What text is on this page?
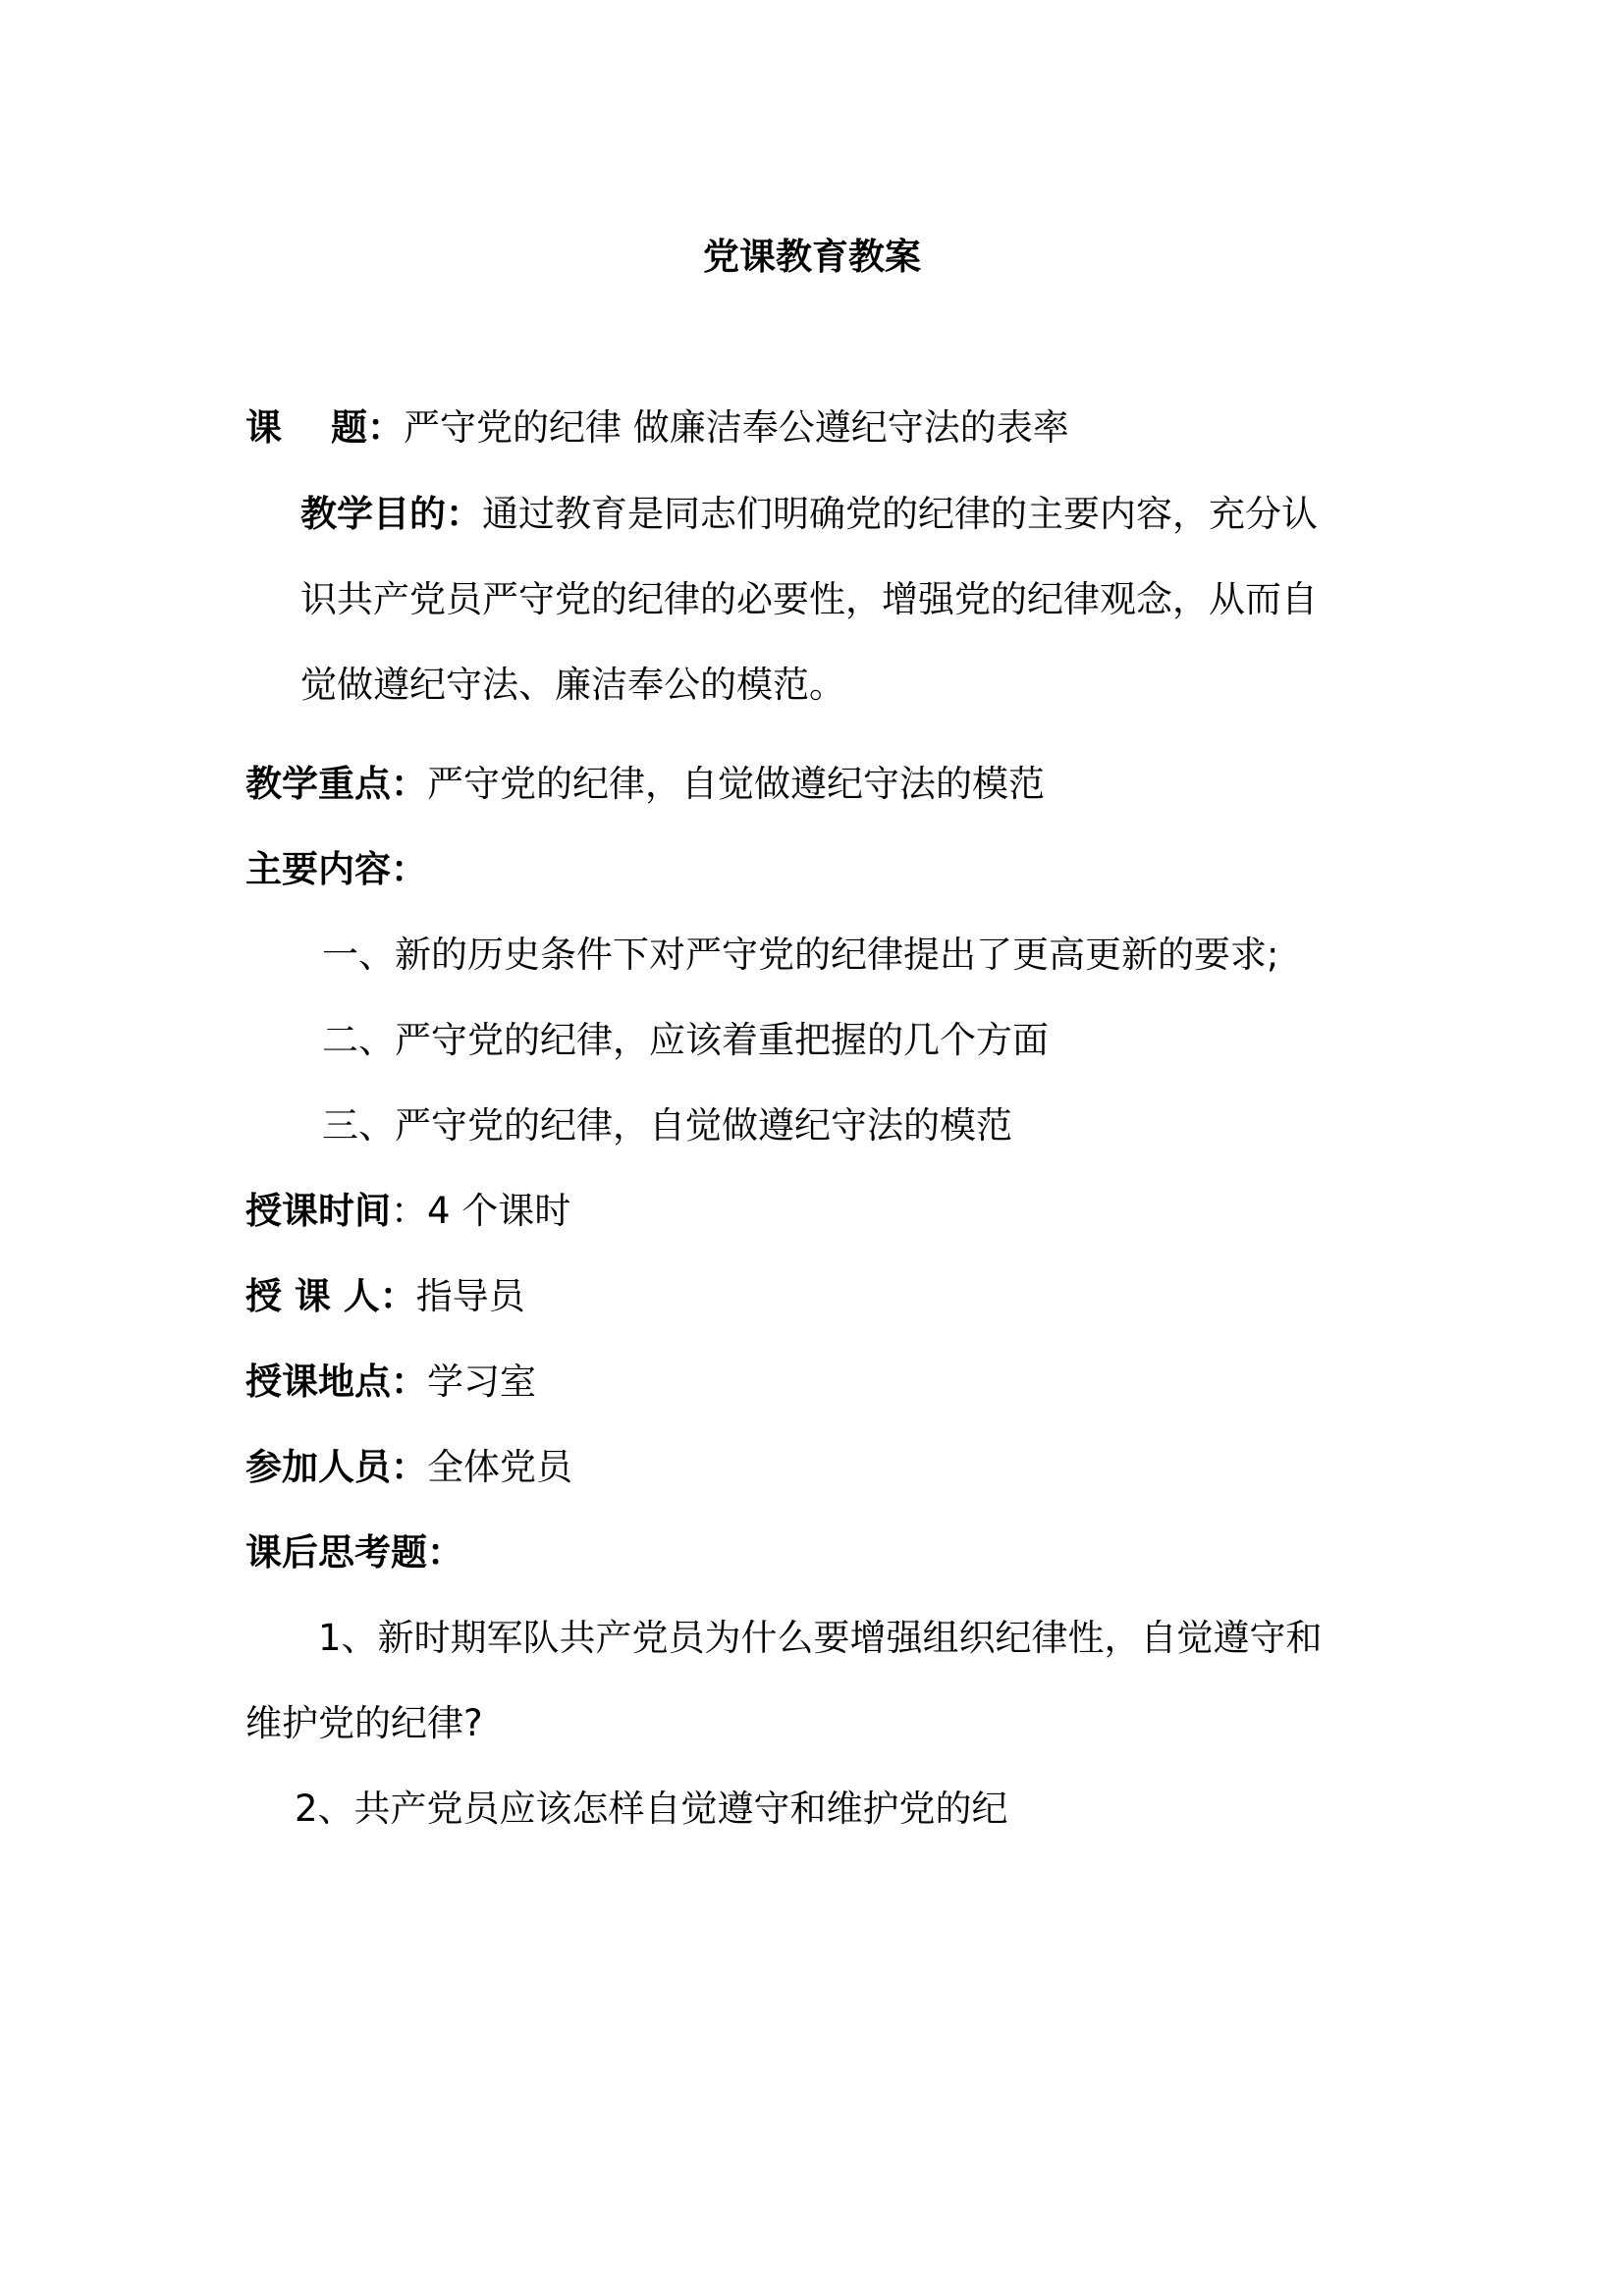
党课教育教案
课 题：严守党的纪律 做廉洁奉公遵纪守法的表率
教学目的：通过教育是同志们明确党的纪律的主要内容，充分认
识共产党员严守党的纪律的必要性，增强党的纪律观念，从而自
觉做遵纪守法、廉洁奉公的模范。
教学重点：严守党的纪律，自觉做遵纪守法的模范
主要内容：
一、新的历史条件下对严守党的纪律提出了更高更新的要求;
二、严守党的纪律，应该着重把握的几个方面
三、严守党的纪律，自觉做遵纪守法的模范
授课时间：4 个课时
授 课 人：指导员
授课地点：学习室
参加人员：全体党员
课后思考题：
1、新时期军队共产党员为什么要增强组织纪律性，自觉遵守和
维护党的纪律?
2、共产党员应该怎样自觉遵守和维护党的纪
